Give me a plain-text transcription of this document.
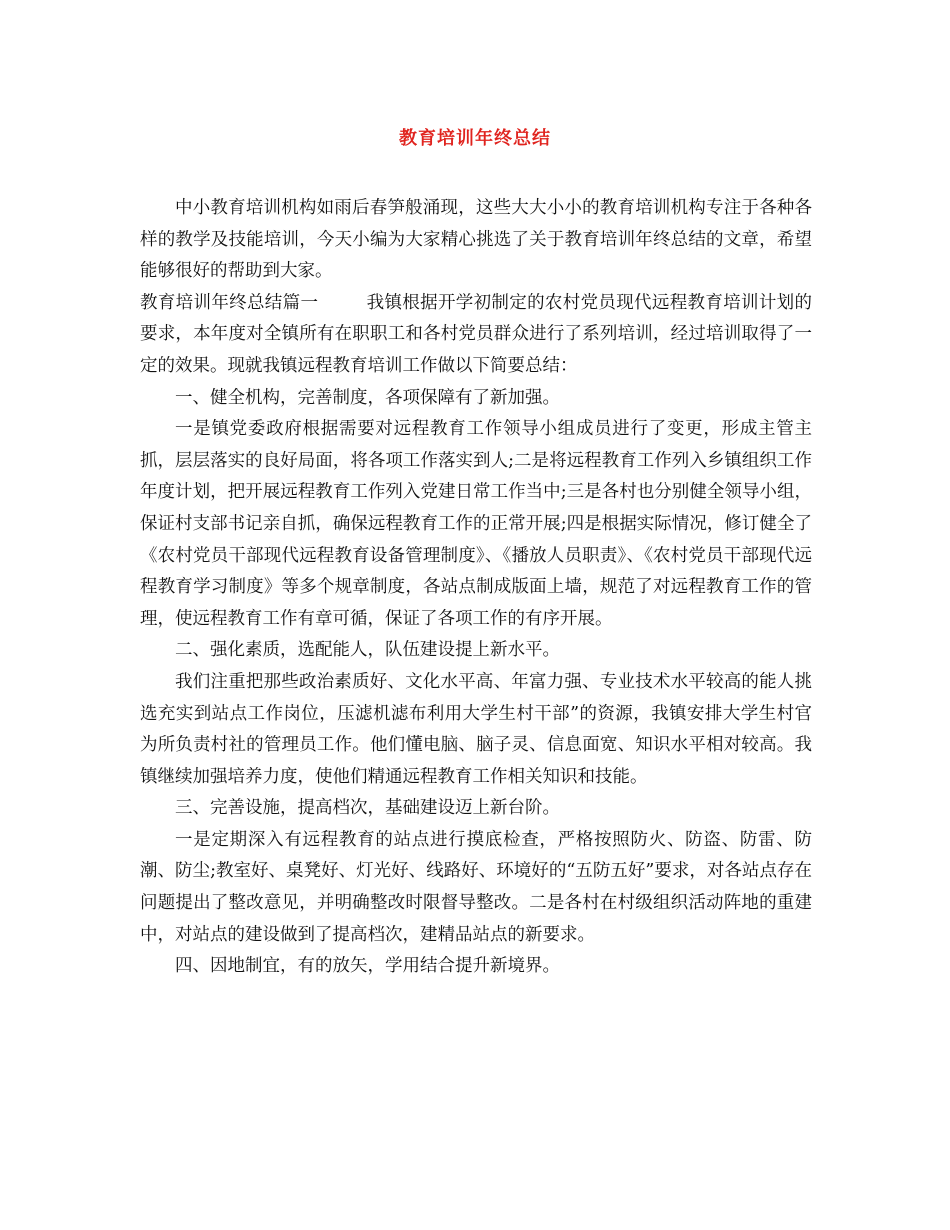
教育培训年终总结

中小教育培训机构如雨后春笋般涌现，这些大大小小的教育培训机构专注于各种各样的教学及技能培训，今天小编为大家精心挑选了关于教育培训年终总结的文章，希望能够很好的帮助到大家。

教育培训年终总结篇一	我镇根据开学初制定的农村党员现代远程教育培训计划的要求，本年度对全镇所有在职职工和各村党员群众进行了系列培训，经过培训取得了一定的效果。现就我镇远程教育培训工作做以下简要总结：

一、健全机构，完善制度，各项保障有了新加强。

一是镇党委政府根据需要对远程教育工作领导小组成员进行了变更，形成主管主抓，层层落实的良好局面，将各项工作落实到人;二是将远程教育工作列入乡镇组织工作年度计划，把开展远程教育工作列入党建日常工作当中;三是各村也分别健全领导小组，保证村支部书记亲自抓，确保远程教育工作的正常开展;四是根据实际情况，修订健全了《农村党员干部现代远程教育设备管理制度》、《播放人员职责》、《农村党员干部现代远程教育学习制度》等多个规章制度，各站点制成版面上墙，规范了对远程教育工作的管理，使远程教育工作有章可循，保证了各项工作的有序开展。

二、强化素质，选配能人，队伍建设提上新水平。

我们注重把那些政治素质好、文化水平高、年富力强、专业技术水平较高的能人挑选充实到站点工作岗位，压滤机滤布利用大学生村干部”的资源，我镇安排大学生村官为所负责村社的管理员工作。他们懂电脑、脑子灵、信息面宽、知识水平相对较高。我镇继续加强培养力度，使他们精通远程教育工作相关知识和技能。

三、完善设施，提高档次，基础建设迈上新台阶。

一是定期深入有远程教育的站点进行摸底检查，严格按照防火、防盗、防雷、防潮、防尘;教室好、桌凳好、灯光好、线路好、环境好的“五防五好”要求，对各站点存在问题提出了整改意见，并明确整改时限督导整改。二是各村在村级组织活动阵地的重建中，对站点的建设做到了提高档次，建精品站点的新要求。

四、因地制宜，有的放矢，学用结合提升新境界。
